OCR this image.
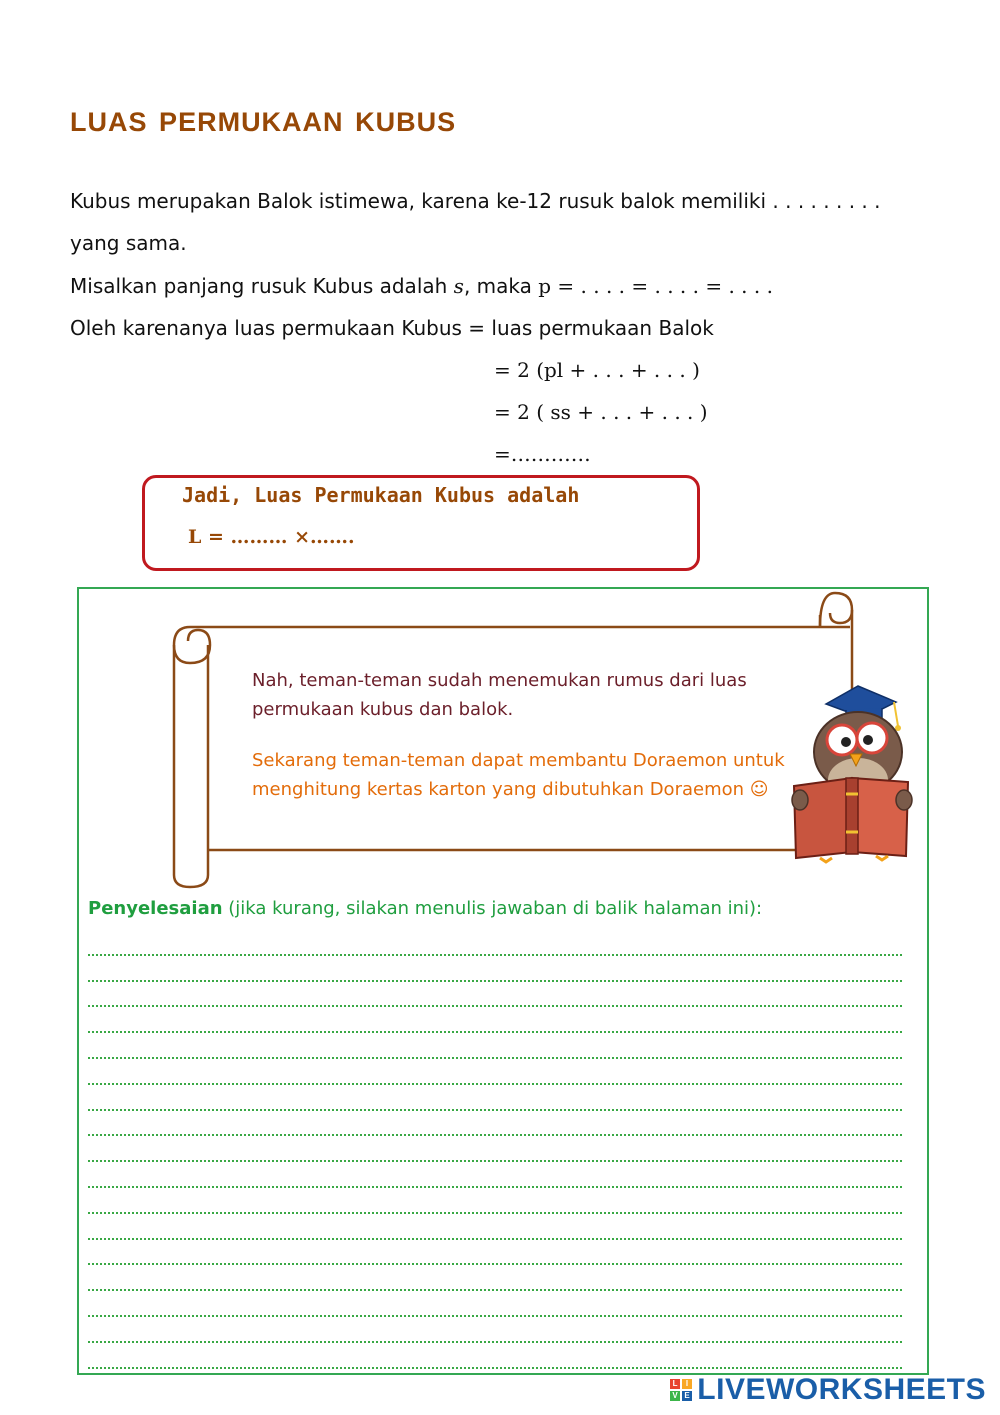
luas permukaan kubus
Kubus merupakan Balok istimewa, karena ke-12 rusuk balok memiliki . . . . . . . . .
yang sama.
Misalkan panjang rusuk Kubus adalah s, maka p = . . . . = . . . . = . . . .
Oleh karenanya luas permukaan Kubus = luas permukaan Balok
= 2 (pl + . . . + . . . )
= 2 ( ss + . . . + . . . )
=…………
Jadi, Luas Permukaan Kubus adalah
L = ……… ×…….
Nah, teman-teman sudah menemukan rumus dari luas
permukaan kubus dan balok.
Sekarang teman-teman dapat membantu Doraemon untuk
menghitung kertas karton yang dibutuhkan Doraemon ☺
Penyelesaian (jika kurang, silakan menulis jawaban di balik halaman ini):
L I
V E LIVEWORKSHEETS
